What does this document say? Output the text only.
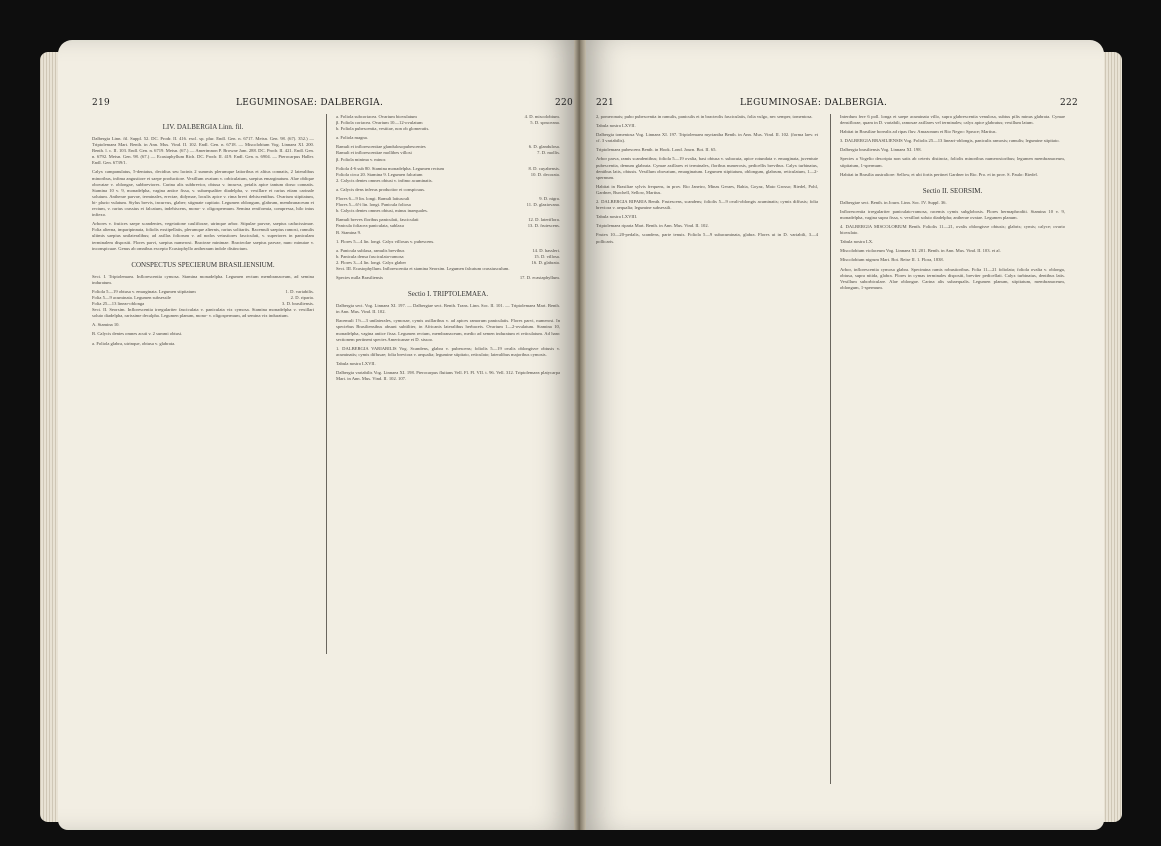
219	LEGUMINOSAE: DALBERGIA.	220	221	LEGUMINOSAE: DALBERGIA.	222
LIV. DALBERGIA Linn. fil.

Dalbergia Linn. fil. Suppl. 52. DC. Prodr. II. 416. excl. sp. plur. Endl. Gen. n. 6717. Meisn. Gen. 98. (67). 352.) — Triptolemaea Mart. Benth. in Ann. Mus. Vind. II. 102. Endl. Gen. n. 6718. — Miscolobium Vog. Linnaea XI. 200. Benth. l. c. II. 103. Endl. Gen. n. 6719. Meisn. (67.) — Amerimnon P. Browne Jam. 288. DC. Prodr. II. 421. Endl. Gen. n. 6792. Meisn. Gen. 98. (67.) — Ecastaphyllum Rich. DC. Prodr. II. 419. Endl. Gen. n. 6904. — Pterocarpus Haller. Endl. Gen. 6739/1.

Calyx campanulatus, 5-dentatus, decidius seu lacinis 2 summis plerumque latioribus et altius connatis, 2 lateralibus minoribus, infima angustiore et saepe productiore. Vexillum ovatum v. orbiculatum, saepius emarginatum. Alae oblique obovatae v. oblongae, subbreviores. Carina alis subbrevior, obtusa v. incurva, petalis apice tantum dorso connatis. Stamina 10 v. 9, monadelpha, vagina antice fissa, v. subaequaliter diadelpha, v. vexillare et rarius etiam carinale solutum. Antherae parvae, terminales, erectae, didymae, loculis apice v. rima brevi dehiscentibus. Ovarium stipitatum, bi- plurio vulatum. Stylus brevis, incurvus, glaber; stigmate capitato. Legumen oblongum, glabrum, membranaceum et rectum, v. rarius crassius et falcatum, indehiscens, mono- v. oligospermum. Semina reniformia, compressa, hilo intus infiexo.

Arbores v. frutices saepe scandentes, vegetatione caulifiorae, utrinque arbor. Stipulae parvae, saepius caducissimae. Folia alterna, imparipinnata, foliolis exstipellatis, plerumque alternis, rarius solitariis. Racemuli saepius ramosi, ramulis ultimis saepius unilateralibus; ad axillas foliorum v. ad nodos vetustiores fasciculati, v. superiores in paniculam terminalem dispositi. Flores parvi, saepius numerosi. Bracteae minimae. Bracteolae saepius parvae, nunc minutae v. inconspicuae. Genus ab omnibus excepto Ecastophyllo antheraum indole distinctum.

CONSPECTUS SPECIERUM BRASILIENSIUM.

Sect. I. Triptolemaea. Inflorescentia cymosa. Stamina monadelpha. Legumen rectum membranaceum, ad semina induratum.

Foliola 5—19 obtusa v. emarginata. Legumen stipitatum	1. D. variabilis.
Folia 5—9 acuminata. Legumen subsessile	2. D. riparia.
Folia 25—13 linear-oblonga	3. D. brasiliensis.

Sect. II. Seorsim. Inflorescentia irregulariter fasciculata v. paniculata vix cymosa. Stamina monadelpha v. vexillari soluto diadelpha, rarissime decalpha. Legumen planum, mono- v. oligospermum, ad semina vix induratum.

A. Stamina 10.

B. Calycis dentes omnes acuti v. 2 summi obtusi.

a. Foliola glabra, utrinque, obtusa v. glabrata.

a. Foliola subcoriacea. Ovarium biovulatum	4. D. miscolobium.
β. Foliola coriacea. Ovarium 10—12-ovulatum	5. D. spruceana.

b. Foliola pubescentia, vestitae, non ob glomeratis.

a. Foliola magna.

Ramuli et inflorescentiae glandulosopubescentes	6. D. glandulosa.
Ramuli et inflorescentiae mollibes villosi	7. D. mollis.

β. Foliola minima v. minor.

Foliola 4-6 sub 80. Stamina monadelpha. Legumen rectum	8. D. cuyabensis.
Foliola circa 20. Stamina 9. Legumen falcatum	10. D. decorata.

2. Calycis dentes omnes obtusi v. infimo acuminatis.

a. Calycis dens inferus productior et conspicuus.

Flores 6—9 lin. longi. Ramuli latiusculi	9. D. nigra.
Flores 5—6½ lin. longi. Panicula foliosa	11. D. glaziovana.

b. Calycis dentes omnes obtusi, minus inaequales.

Ramuli breves floribus paniculati, fasciculati	12. D. lateriflora.
Panicula foliacea paniculata, sublaxa	13. D. frutescens.

B. Stamina 9.

1. Flores 5—4 lin. longi. Calyx villosus v. pubescens.

a. Panicula sublaxa, ramulis brevibus	14. D. hassleri.
b. Panicula densa fasciculata-ramosa	15. D. villosa.
2. Flores 3—4 lin. longi. Calyx glaber	16. D. glabrata.

Sect. III. Ecastophyllum. Inflorescentia et stamina Seorsim. Legumen falcatum crassiusculum.

Species nulla Brasiliensis	17. D. ecastaphyllum.
Sectio I. TRIPTOLEMAEA.

Dalbergia sect. Vog. Linnaea XI. 197. — Dalbergiae sect. Benth. Trans. Linn. Soc. II. 101. — Triptolemaea Mart. Benth. in Ann. Mus. Vind. II. 102.

Racemuli 1½—3 unilaterales, cymosae, cymis axillaribus v. ad apices ramorum paniculatis. Flores parvi, numerosi. In speciebus Brasiliensibus absunt subtiliter, in Africanis lateralibus herbaceis. Ovarium 1—2-ovulatum. Stamina 10, monadelpha, vagina antice fissa. Legumen rectum, membranaceum, medio ad semen induratum et reticulatum. Ad hanc sectionem pertinent species Americanae et D. sissoo.

1. DALBERGIA VARIABILIS Vog. Scandens, glabra v. pubescens; foliolis 5—19 ovalis oblongisve obtusis v. acuminatis; cymis diffusae; folia breviora v. aequalia; legumine stipitato, reticulato; lateralibus majoribus cymosis.

Tabula nostra LXVII.

Dalbergia variabilis Vog. Linnaea XI. 198. Pterocarpus fluitans Vell. Fl. Fl. VII. t. 96. Vell. 312. Triptolemaea platycarpa Mart. in Ann. Mus. Vind. II. 102. 107.

2, pomeronais; pubo pubescentia in ramulis, paniculis et in bracteolis fasciculatis, folia vulgo, nec semper, tomentosa.

Tabula nostra LXVII.

Dalbergia tomentosa Vog. Linnaea XI. 197. Triptolemaea myriantha Benth. in Ann. Mus. Vind. II. 102. (forma laev. et cf. 3 variabilis).

Triptolemaea pubescens Benth. in Hook. Lond. Journ. Bot. II. 65.

Arbor parva, ramis scandentibus; foliola 5—19 ovalia, basi obtusa v. subacuta, apice rotundata v. emarginata, juventute pubescentia, demum glabrata. Cymae axillares et terminales, floribus numerosis, pedicellis brevibus. Calyx turbinatus, dentibus latis, obtusis. Vexillum obovatum, emarginatum. Legumen stipitatum, oblongum, glabrum, reticulatum, 1—2-spermum.

Habitat in Brasiliae sylvis frequens, in prov. Rio Janeiro, Minas Geraes, Bahia, Goyaz, Mato Grosso; Riedel, Pohl, Gardner, Burchell, Sellow, Martius.

2. DALBERGIA RIPARIA Benth. Frutescens, scandens; foliolis 5—9 ovali-oblongis acuminatis; cymis diffusis; folia breviora v. aequalia; legumine subsessili.

Tabula nostra LXVIII.

Triptolemaea riparia Mart. Benth. in Ann. Mus. Vind. II. 102.

Frutex 10—20-pedalis, scandens, parte tenuis. Foliola 5—9 subacuminata, glabra. Flores ut in D. variabili, 3—4 pollicaris.

Interdum fere 6 poll. longa et saepe acuminata villo, supra glabrescentia venulosa, subtus pilis minus glabrata. Cymae densiflorae, quam in D. variabili, ramosae axillares vel terminales; calyx apice glabratus; vexillum latum.

Habitat in Brasiliae borealis ad ripas fluv. Amazonum et Rio Negro: Spruce; Martius.

3. DALBERGIA BRASILIENSIS Vog. Foliolis 25—13 lineari-oblongis, paniculis ramosis; ramulis; legumine stipitato.

Dalbergia brasiliensis Vog. Linnaea XI. 198.

Species a Vogelio descripta non satis ab ceteris distincta, foliolis minoribus numerosioribus; legumen membranaceum, stipitatum, 1-spermum.

Habitat in Brasilia australiore: Sellow, et ubi fortis pertinet Gardner in Rio. Pro. et in prov. S. Paulo: Riedel.

Sectio II. SEORSIM.

Dalbergiae sect. Benth. in Journ. Linn. Soc. IV. Suppl. 36.

Inflorescentia irregulariter paniculato-ramosa, racemis cymis subglobosis. Flores hermaphroditi. Stamina 10 v. 9, monadelpha, vagina supra fissa, v. vexillari soluto diadelpha; antherae ovatae. Legumen planum.

4. DALBERGIA MISCOLOBIUM Benth. Foliolis 11—21, ovalis oblongisve obtusis; glabris; cymis; calyce; ovario biovulato.

Tabula nostra LX.

Miscolobium violaceum Vog. Linnaea XI. 201. Benth. in Ann. Mus. Vind. II. 103. et al.

Miscolobium nigrum Mart. Bot. Reise II. 1. Flora, 1838.

Arbor, inflorescentia cymosa glabra. Specimina ramis robustioribus. Folia 11—21 foliolata; foliola ovalia v. oblonga, obtusa, supra nitida, glabra. Flores in cymas terminales dispositi, breviter pedicellati. Calyx turbinatus, dentibus latis. Vexillum suborbiculare. Alae oblongae. Carina alis subaequalis. Legumen planum, stipitatum, membranaceum, oblongum, 1-spermum.
